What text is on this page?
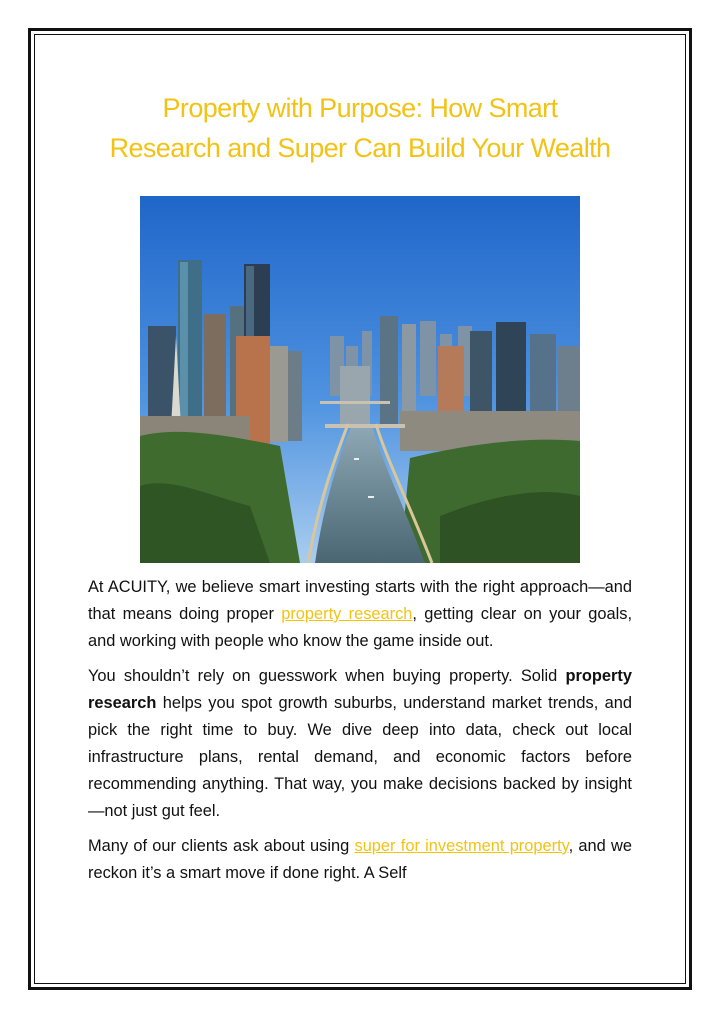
Property with Purpose: How Smart
Research and Super Can Build Your Wealth

At ACUITY, we believe smart investing starts with the right approach—and that means doing proper property research, getting clear on your goals, and working with people who know the game inside out.

You shouldn’t rely on guesswork when buying property. Solid property research helps you spot growth suburbs, understand market trends, and pick the right time to buy. We dive deep into data, check out local infrastructure plans, rental demand, and economic factors before recommending anything. That way, you make decisions backed by insight—not just gut feel.

Many of our clients ask about using super for investment property, and we reckon it’s a smart move if done right. A Self
